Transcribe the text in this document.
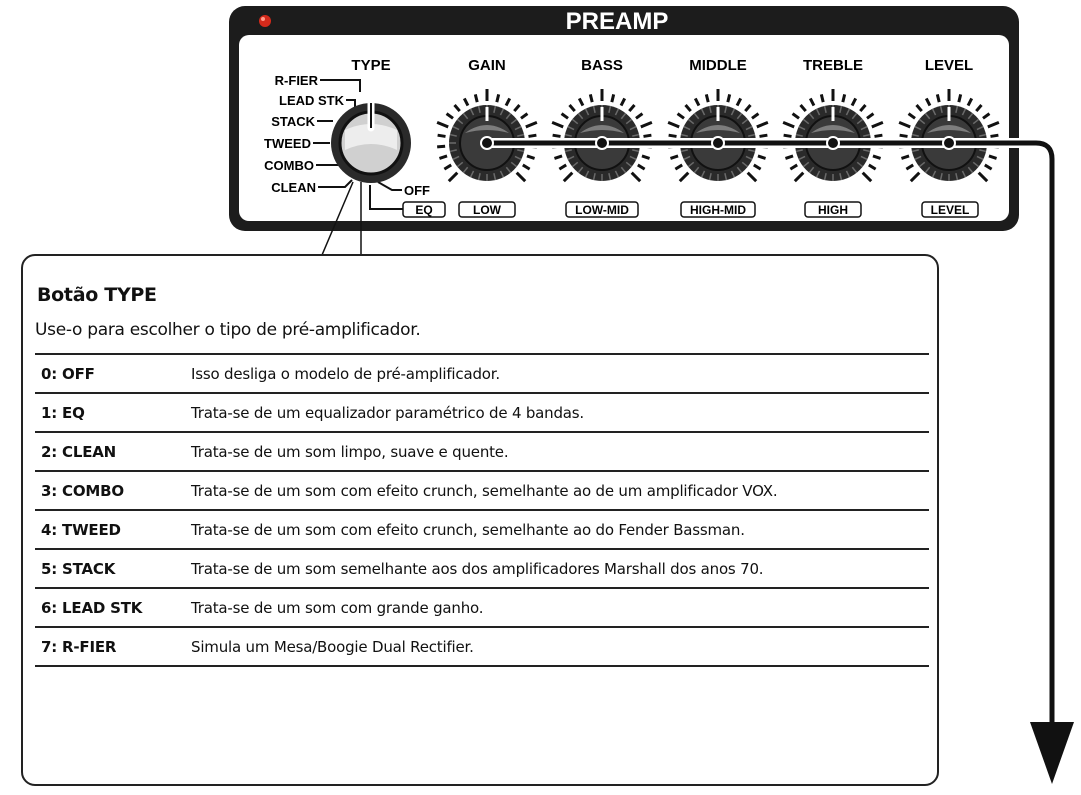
PREAMP
TYPE	GAIN	BASS	MIDDLE	TREBLE	LEVEL
R-FIER
LEAD STK
STACK
TWEED
COMBO
CLEAN	OFF
EQ	LOW	LOW-MID	HIGH-MID	HIGH	LEVEL
Botão TYPE

Use-o para escolher o tipo de pré-amplificador.

0: OFF	Isso desliga o modelo de pré-amplificador.
1: EQ	Trata-se de um equalizador paramétrico de 4 bandas.
2: CLEAN	Trata-se de um som limpo, suave e quente.
3: COMBO	Trata-se de um som com efeito crunch, semelhante ao de um amplificador VOX.
4: TWEED	Trata-se de um som com efeito crunch, semelhante ao do Fender Bassman.
5: STACK	Trata-se de um som semelhante aos dos amplificadores Marshall dos anos 70.
6: LEAD STK	Trata-se de um som com grande ganho.
7: R-FIER	Simula um Mesa/Boogie Dual Rectifier.
